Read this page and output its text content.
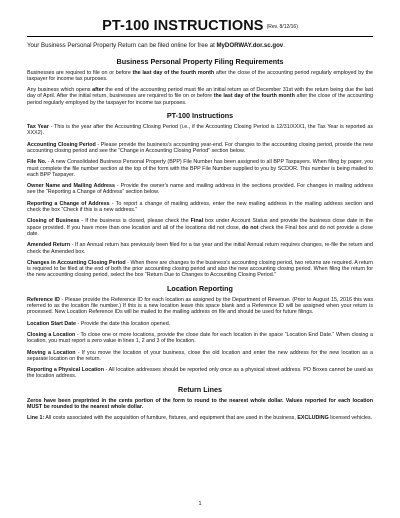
PT-100 INSTRUCTIONS (Rev. 8/12/16)
Your Business Personal Property Return can be filed online for free at MyDORWAY.dor.sc.gov.
Business Personal Property Filing Requirements

Businesses are required to file on or before the last day of the fourth month after the close of the accounting period regularly employed by the taxpayer for income tax purposes.

Any business which opens after the end of the accounting period must file an initial return as of December 31st with the return being due the last day of April. After the initial return, businesses are required to file on or before the last day of the fourth month after the close of the accounting period regularly employed by the taxpayer for income tax purposes.

PT-100 Instructions

Tax Year - This is the year after the Accounting Closing Period (i.e., if the Accounting Closing Period is 12/31/XXX1, the Tax Year is reported as XXX2).

Accounting Closing Period - Please provide the business's accounting year-end. For changes to the accounting closing period, provide the new accounting closing period and see the “Change in Accounting Closing Period” section below.

File No. - A new Consolidated Business Personal Property (BPP) File Number has been assigned to all BPP Taxpayers. When filing by paper, you must complete the file number section at the top of the form with the BPP File Number supplied to you by SCDOR. This number is being mailed to each BPP Taxpayer.

Owner Name and Mailing Address - Provide the owner's name and mailing address in the sections provided. For changes in mailing address see the “Reporting a Change of Address” section below.

Reporting a Change of Address - To report a change of mailing address, enter the new mailing address in the mailing address section and check the box “Check if this is a new address.”

Closing of Business - If the business is closed, please check the Final box under Account Status and provide the business close date in the space provided. If you have more than one location and all of the locations did not close, do not check the Final box and do not provide a close date.

Amended Return - If an Annual return has previously been filed for a tax year and the initial Annual return requires changes, re-file the return and check the Amended box.

Changes in Accounting Closing Period - When there are changes to the business's accounting closing period, two returns are required. A return is required to be filed at the end of both the prior accounting closing period and also the new accounting closing period. When filing the return for the new accounting closing period, select the box “Return Due to Changes to Accounting Closing Period.”

Location Reporting

Reference ID - Please provide the Reference ID for each location as assigned by the Department of Revenue. (Prior to August 15, 2016 this was referred to as the location file number.) If this is a new location leave this space blank and a Reference ID will be assigned when your return is processed. New Location Reference IDs will be mailed to the mailing address on file and should be used for future filings.

Location Start Date - Provide the date this location opened.

Closing a Location - To close one or more locations, provide the close date for each location in the space “Location End Date.” When closing a location, you must report a zero value in lines 1, 2 and 3 of the location.

Moving a Location - If you move the location of your business, close the old location and enter the new address for the new location as a separate location on the return.

Reporting a Physical Location - All location addresses should be reported only once as a physical street address. PO Boxes cannot be used as the location address.

Return Lines

Zeros have been preprinted in the cents portion of the form to round to the nearest whole dollar. Values reported for each location MUST be rounded to the nearest whole dollar.

Line 1: All costs associated with the acquisition of furniture, fixtures, and equipment that are used in the business, EXCLUDING licensed vehicles.

1
